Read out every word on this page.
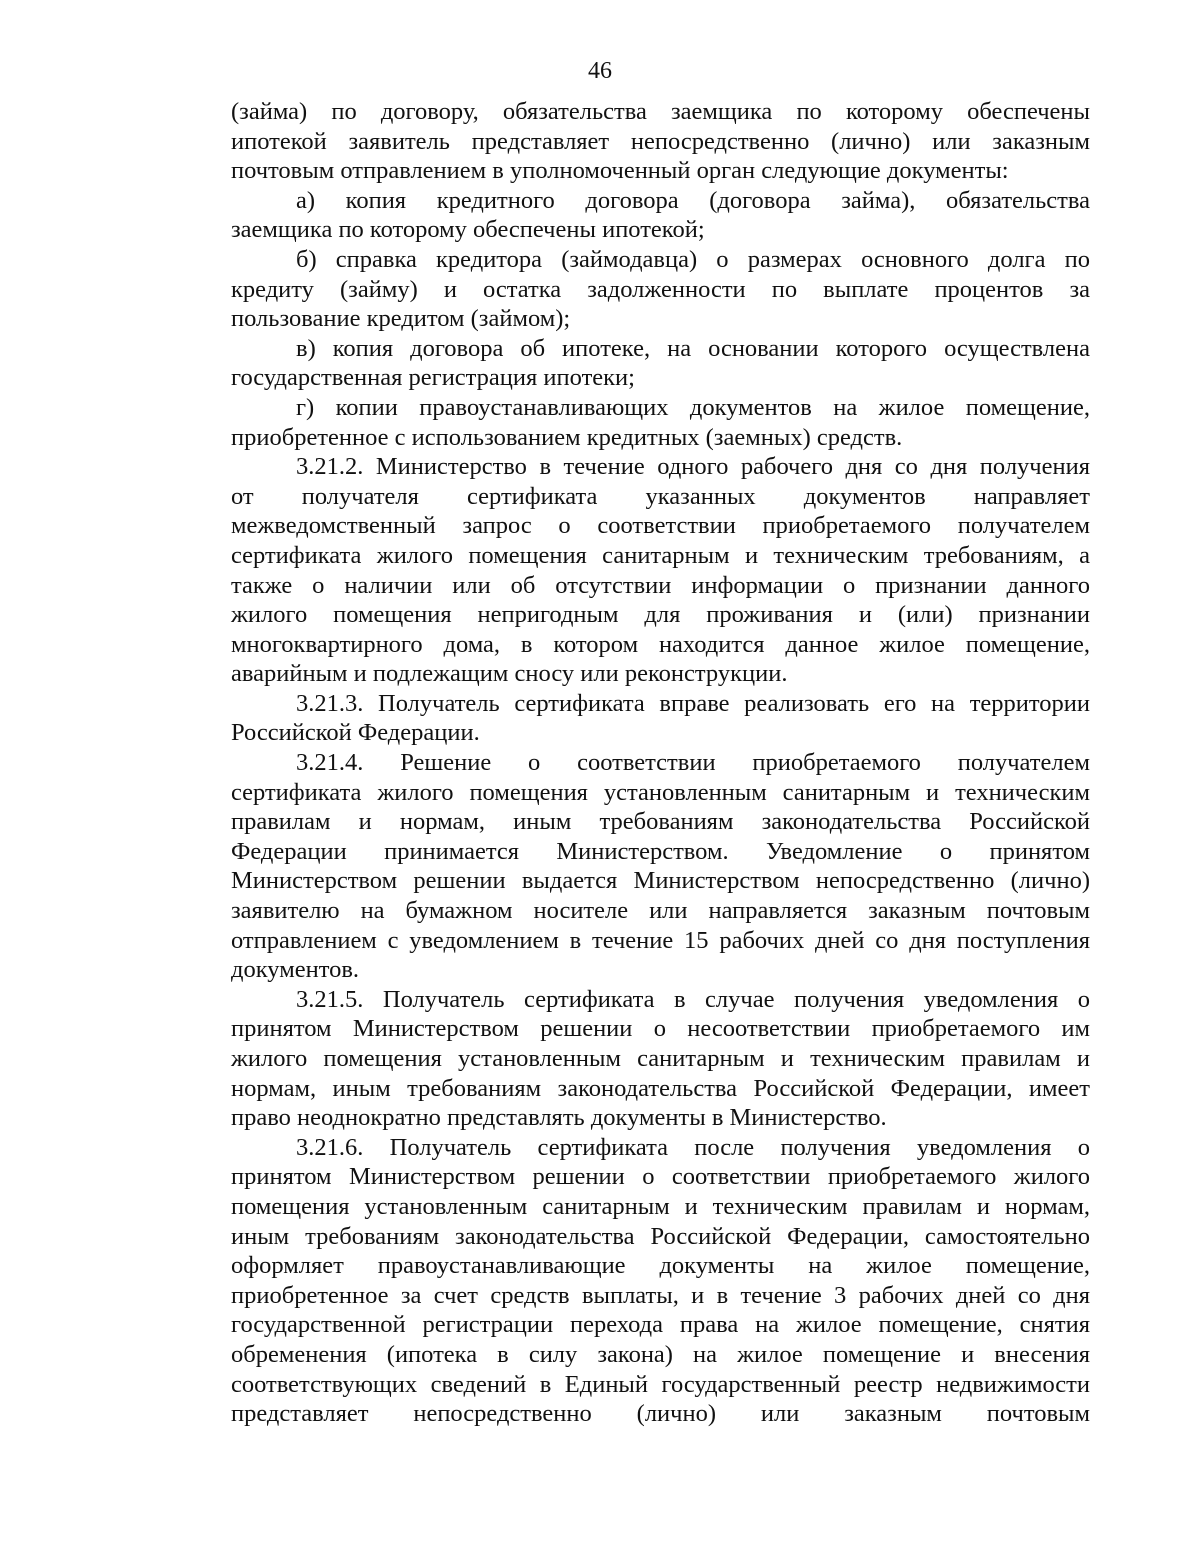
46
(займа) по договору, обязательства заемщика по которому обеспечены
ипотекой заявитель представляет непосредственно (лично) или заказным
почтовым отправлением в уполномоченный орган следующие документы:
а) копия кредитного договора (договора займа), обязательства
заемщика по которому обеспечены ипотекой;
б) справка кредитора (займодавца) о размерах основного долга по
кредиту (займу) и остатка задолженности по выплате процентов за
пользование кредитом (займом);
в) копия договора об ипотеке, на основании которого осуществлена
государственная регистрация ипотеки;
г) копии правоустанавливающих документов на жилое помещение,
приобретенное с использованием кредитных (заемных) средств.
3.21.2. Министерство в течение одного рабочего дня со дня получения
от получателя сертификата указанных документов направляет
межведомственный запрос о соответствии приобретаемого получателем
сертификата жилого помещения санитарным и техническим требованиям, а
также о наличии или об отсутствии информации о признании данного
жилого помещения непригодным для проживания и (или) признании
многоквартирного дома, в котором находится данное жилое помещение,
аварийным и подлежащим сносу или реконструкции.
3.21.3. Получатель сертификата вправе реализовать его на территории
Российской Федерации.
3.21.4. Решение о соответствии приобретаемого получателем
сертификата жилого помещения установленным санитарным и техническим
правилам и нормам, иным требованиям законодательства Российской
Федерации принимается Министерством. Уведомление о принятом
Министерством решении выдается Министерством непосредственно (лично)
заявителю на бумажном носителе или направляется заказным почтовым
отправлением с уведомлением в течение 15 рабочих дней со дня поступления
документов.
3.21.5. Получатель сертификата в случае получения уведомления о
принятом Министерством решении о несоответствии приобретаемого им
жилого помещения установленным санитарным и техническим правилам и
нормам, иным требованиям законодательства Российской Федерации, имеет
право неоднократно представлять документы в Министерство.
3.21.6. Получатель сертификата после получения уведомления о
принятом Министерством решении о соответствии приобретаемого жилого
помещения установленным санитарным и техническим правилам и нормам,
иным требованиям законодательства Российской Федерации, самостоятельно
оформляет правоустанавливающие документы на жилое помещение,
приобретенное за счет средств выплаты, и в течение 3 рабочих дней со дня
государственной регистрации перехода права на жилое помещение, снятия
обременения (ипотека в силу закона) на жилое помещение и внесения
соответствующих сведений в Единый государственный реестр недвижимости
представляет непосредственно (лично) или заказным почтовым
